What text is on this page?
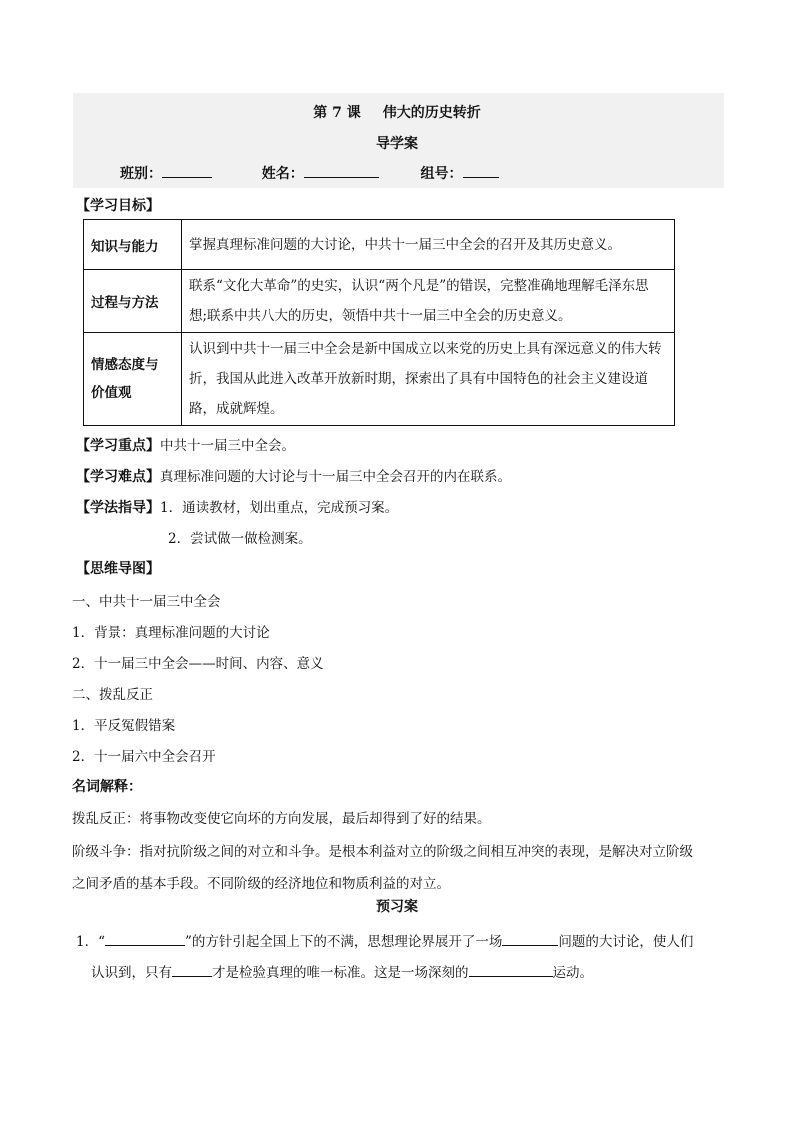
第 7 课 伟大的历史转折
导学案
班别：	姓名：	组号：
【学习目标】
知识与能力	掌握真理标准问题的大讨论，中共十一届三中全会的召开及其历史意义。
过程与方法	联系“文化大革命”的史实，认识“两个凡是”的错误，完整准确地理解毛泽东思想;联系中共八大的历史，领悟中共十一届三中全会的历史意义。
情感态度与价值观	认识到中共十一届三中全会是新中国成立以来党的历史上具有深远意义的伟大转折，我国从此进入改革开放新时期，探索出了具有中国特色的社会主义建设道路，成就辉煌。
【学习重点】中共十一届三中全会。
【学习难点】真理标准问题的大讨论与十一届三中全会召开的内在联系。
【学法指导】1．通读教材，划出重点，完成预习案。
2．尝试做一做检测案。
【思维导图】
一、中共十一届三中全会
1．背景：真理标准问题的大讨论
2．十一届三中全会——时间、内容、意义
二、拨乱反正
1．平反冤假错案
2．十一届六中全会召开
名词解释：
拨乱反正：将事物改变使它向坏的方向发展，最后却得到了好的结果。
阶级斗争：指对抗阶级之间的对立和斗争。是根本利益对立的阶级之间相互冲突的表现，是解决对立阶级
之间矛盾的基本手段。不同阶级的经济地位和物质利益的对立。
预习案
1．“	”的方针引起全国上下的不满，思想理论界展开了一场	问题的大讨论，使人们
认识到，只有	才是检验真理的唯一标准。这是一场深刻的	运动。
